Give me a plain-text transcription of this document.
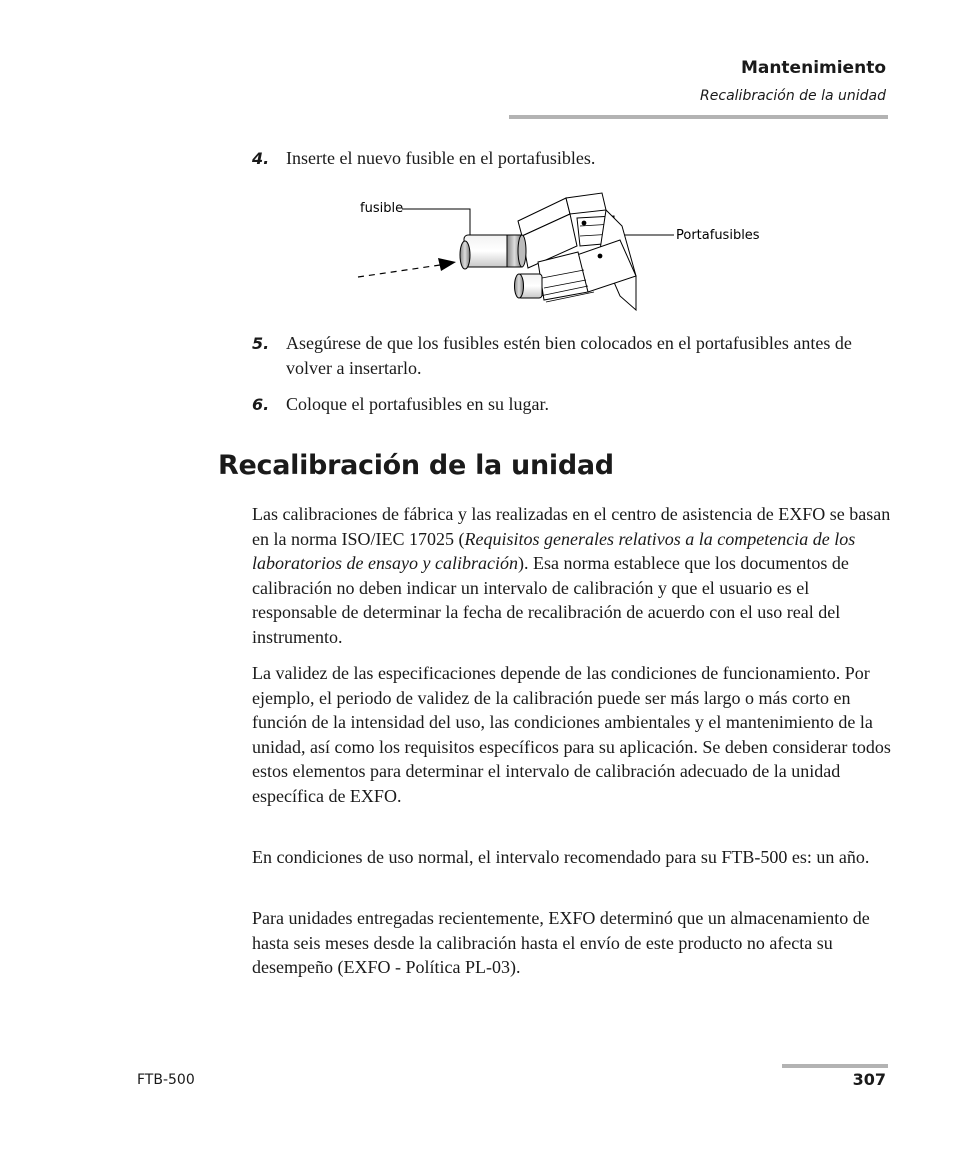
Mantenimiento
Recalibración de la unidad
4. Inserte el nuevo fusible en el portafusibles.
fusible
Portafusibles
5. Asegúrese de que los fusibles estén bien colocados en el portafusibles antes de volver a insertarlo.
6. Coloque el portafusibles en su lugar.
Recalibración de la unidad

Las calibraciones de fábrica y las realizadas en el centro de asistencia de EXFO se basan en la norma ISO/IEC 17025 (Requisitos generales relativos a la competencia de los laboratorios de ensayo y calibración). Esa norma establece que los documentos de calibración no deben indicar un intervalo de calibración y que el usuario es el responsable de determinar la fecha de recalibración de acuerdo con el uso real del instrumento.

La validez de las especificaciones depende de las condiciones de funcionamiento. Por ejemplo, el periodo de validez de la calibración puede ser más largo o más corto en función de la intensidad del uso, las condiciones ambientales y el mantenimiento de la unidad, así como los requisitos específicos para su aplicación. Se deben considerar todos estos elementos para determinar el intervalo de calibración adecuado de la unidad específica de EXFO.

En condiciones de uso normal, el intervalo recomendado para su FTB-500 es: un año.

Para unidades entregadas recientemente, EXFO determinó que un almacenamiento de hasta seis meses desde la calibración hasta el envío de este producto no afecta su desempeño (EXFO - Política PL-03).

FTB-500	307
